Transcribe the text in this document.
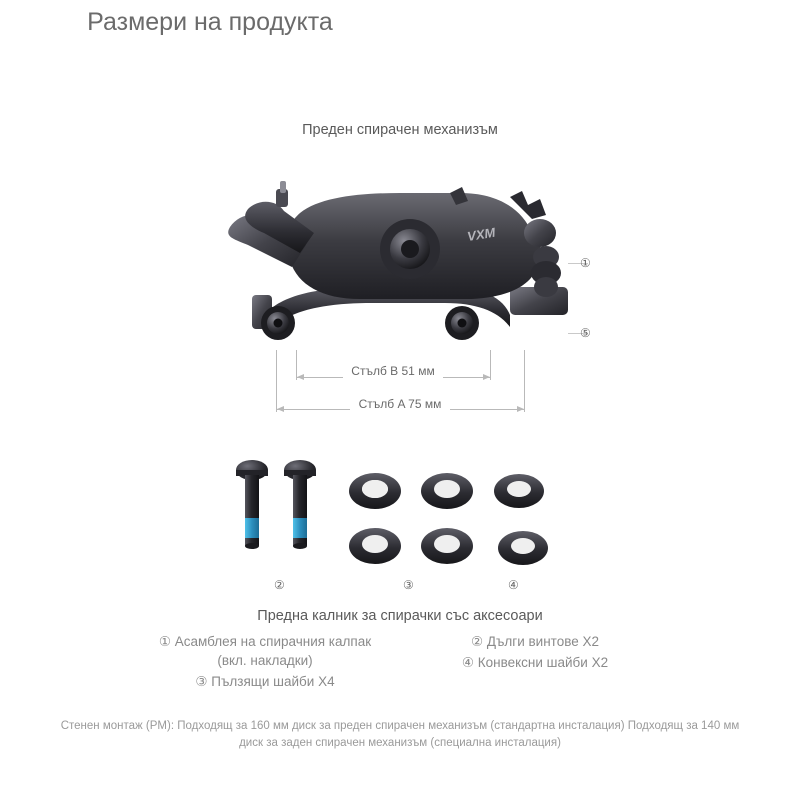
Размери на продукта
Преден спирачен механизъм
VXM
①
⑤
Стълб B 51 мм
Стълб A 75 мм
②	③	④
Предна калник за спирачки със аксесоари
① Асамблея на спирачния калпак (вкл. накладки)
③ Пълзящи шайби X4
② Дълги винтове X2
④ Конвексни шайби X2
Стенен монтаж (PM): Подходящ за 160 мм диск за преден спирачен механизъм (стандартна инсталация) Подходящ за 140 мм диск за заден спирачен механизъм (специална инсталация)
